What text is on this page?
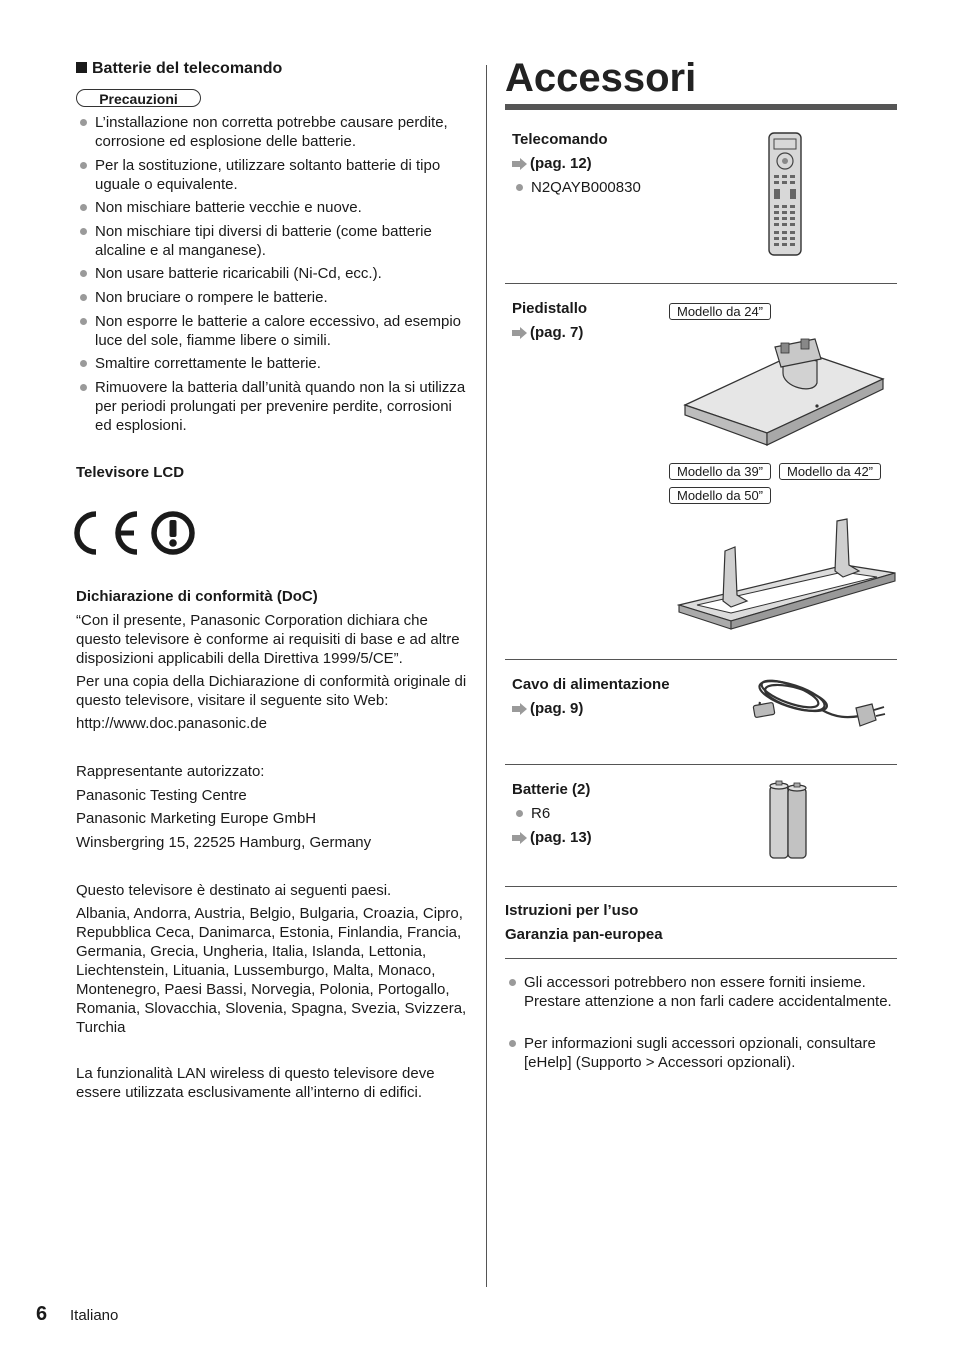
Batterie del telecomando
Precauzioni
L’installazione non corretta potrebbe causare perdite, corrosione ed esplosione delle batterie.
Per la sostituzione, utilizzare soltanto batterie di tipo uguale o equivalente.
Non mischiare batterie vecchie e nuove.
Non mischiare tipi diversi di batterie (come batterie alcaline e al manganese).
Non usare batterie ricaricabili (Ni-Cd, ecc.).
Non bruciare o rompere le batterie.
Non esporre le batterie a calore eccessivo, ad esempio luce del sole, fiamme libere o simili.
Smaltire correttamente le batterie.
Rimuovere la batteria dall’unità quando non la si utilizza per periodi prolungati per prevenire perdite, corrosioni ed esplosioni.
Televisore LCD
Dichiarazione di conformità (DoC)
“Con il presente, Panasonic Corporation dichiara che questo televisore è conforme ai requisiti di base e ad altre disposizioni applicabili della Direttiva 1999/5/CE”.
Per una copia della Dichiarazione di conformità originale di questo televisore, visitare il seguente sito Web:
http://www.doc.panasonic.de
Rappresentante autorizzato:
Panasonic Testing Centre
Panasonic Marketing Europe GmbH
Winsbergring 15, 22525 Hamburg, Germany
Questo televisore è destinato ai seguenti paesi.
Albania, Andorra, Austria, Belgio, Bulgaria, Croazia, Cipro, Repubblica Ceca, Danimarca, Estonia, Finlandia, Francia, Germania, Grecia, Ungheria, Italia, Islanda, Lettonia, Liechtenstein, Lituania, Lussemburgo, Malta, Monaco, Montenegro, Paesi Bassi, Norvegia, Polonia, Portogallo, Romania, Slovacchia, Slovenia, Spagna, Svezia, Svizzera, Turchia
La funzionalità LAN wireless di questo televisore deve essere utilizzata esclusivamente all’interno di edifici.
Accessori
Telecomando
(pag. 12)
N2QAYB000830
Piedistallo
(pag. 7)
Modello da 24”
Modello da 39”	Modello da 42”
Modello da 50”
Cavo di alimentazione
(pag. 9)
Batterie (2)
R6
(pag. 13)
Istruzioni per l’uso
Garanzia pan-europea
Gli accessori potrebbero non essere forniti insieme. Prestare attenzione a non farli cadere accidentalmente.
Per informazioni sugli accessori opzionali, consultare [eHelp] (Supporto > Accessori opzionali).
6 Italiano
